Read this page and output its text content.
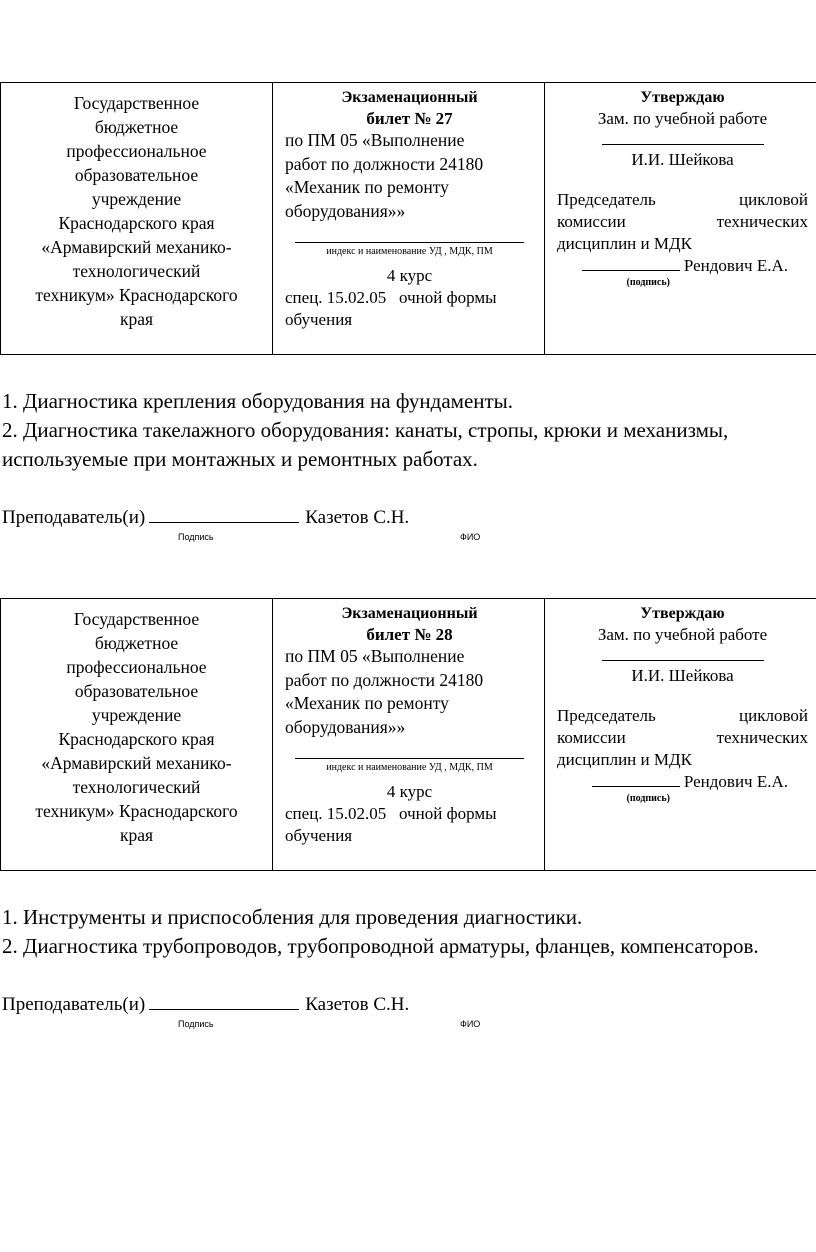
Государственное
бюджетное
профессиональное
образовательное
учреждение
Краснодарского края
«Армавирский механико-
технологический
техникум» Краснодарского
края

Экзаменационный
билет № 27
по ПМ 05 «Выполнение
работ по должности 24180
«Механик по ремонту
оборудования»»
индекс и наименование УД , МДК, ПМ
4 курс
спец. 15.02.05   очной формы
обучения

Утверждаю
Зам. по учебной работе
И.И. Шейкова
Председатель цикловой
комиссии технических
дисциплин и МДК
Рендович Е.А.
(подпись)
1. Диагностика крепления оборудования на фундаменты.
2. Диагностика такелажного оборудования: канаты, стропы, крюки и механизмы, используемые при монтажных и ремонтных работах.
Преподаватель(и)	Казетов С.Н.
Подпись	ФИО
Государственное
бюджетное
профессиональное
образовательное
учреждение
Краснодарского края
«Армавирский механико-
технологический
техникум» Краснодарского
края

Экзаменационный
билет № 28
по ПМ 05 «Выполнение
работ по должности 24180
«Механик по ремонту
оборудования»»
индекс и наименование УД , МДК, ПМ
4 курс
спец. 15.02.05   очной формы
обучения

Утверждаю
Зам. по учебной работе
И.И. Шейкова
Председатель цикловой
комиссии технических
дисциплин и МДК
Рендович Е.А.
(подпись)
1. Инструменты и приспособления для проведения диагностики.
2. Диагностика трубопроводов, трубопроводной арматуры, фланцев, компенсаторов.
Преподаватель(и)	Казетов С.Н.
Подпись	ФИО
